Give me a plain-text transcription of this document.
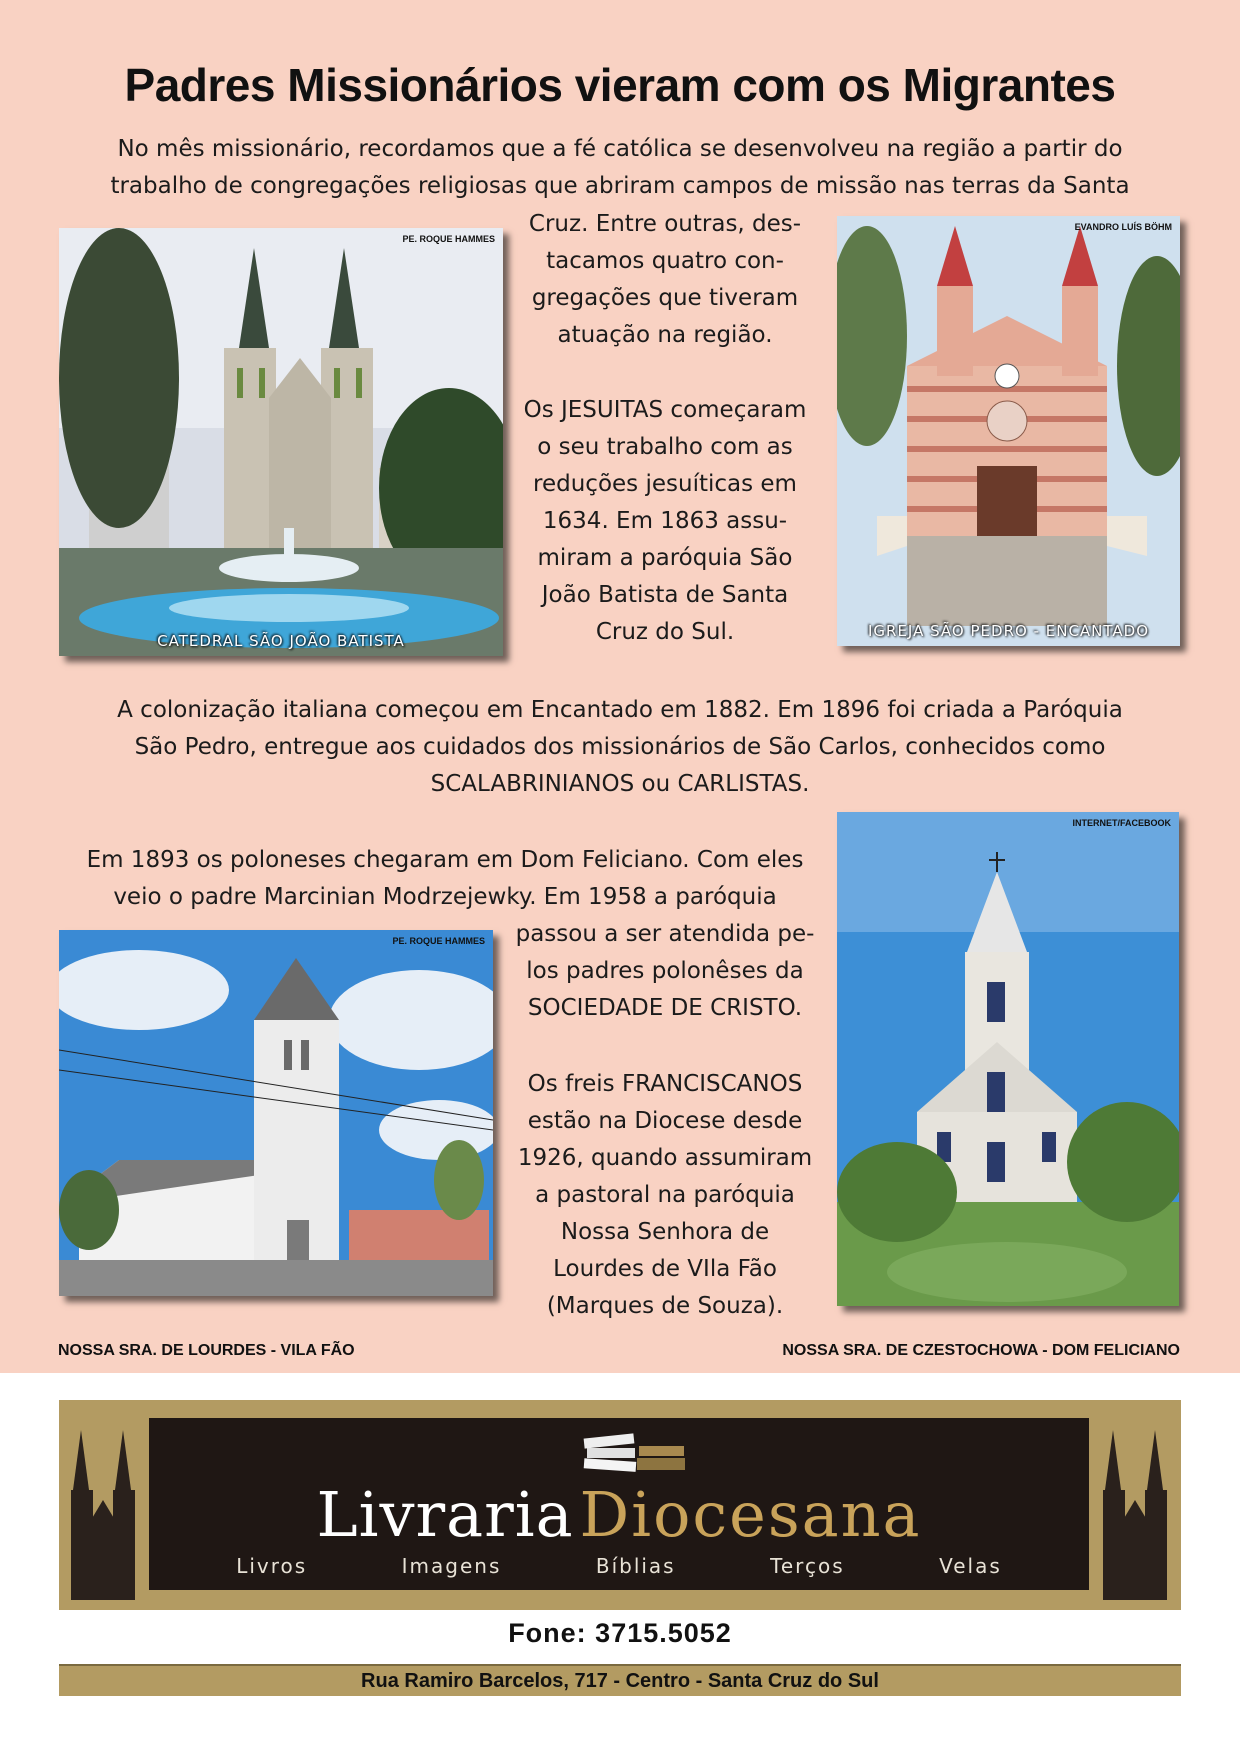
Padres Missionários vieram com os Migrantes
No mês missionário, recordamos que a fé católica se desenvolveu na região a partir do
trabalho de congregações religiosas que abriram campos de missão nas terras da Santa
PE. ROQUE HAMMES
CATEDRAL SÃO JOÃO BATISTA
Cruz. Entre outras, des-
tacamos quatro con-
gregações que tiveram
atuação na região.
Os JESUITAS começaram
o seu trabalho com as
reduções jesuíticas em
1634. Em 1863 assu-
miram a paróquia São
João Batista de Santa
Cruz do Sul.
EVANDRO LUÍS BÖHM
IGREJA SÃO PEDRO - ENCANTADO
A colonização italiana começou em Encantado em 1882. Em 1896 foi criada a Paróquia
São Pedro, entregue aos cuidados dos missionários de São Carlos, conhecidos como
SCALABRINIANOS ou CARLISTAS.
Em 1893 os poloneses chegaram em Dom Feliciano. Com eles
veio o padre Marcinian Modrzejewky. Em 1958 a paróquia
passou a ser atendida pe-
los padres polonêses da
SOCIEDADE DE CRISTO.
Os freis FRANCISCANOS
estão na Diocese desde
1926, quando assumiram
a pastoral na paróquia
Nossa Senhora de
Lourdes de VIla Fão
(Marques de Souza).
PE. ROQUE HAMMES
INTERNET/FACEBOOK
NOSSA SRA. DE LOURDES - VILA FÃO	NOSSA SRA. DE CZESTOCHOWA - DOM FELICIANO
LivrariaDiocesana
Livros	Imagens	Bíblias	Terços	Velas
Fone: 3715.5052
Rua Ramiro Barcelos, 717 - Centro - Santa Cruz do Sul
